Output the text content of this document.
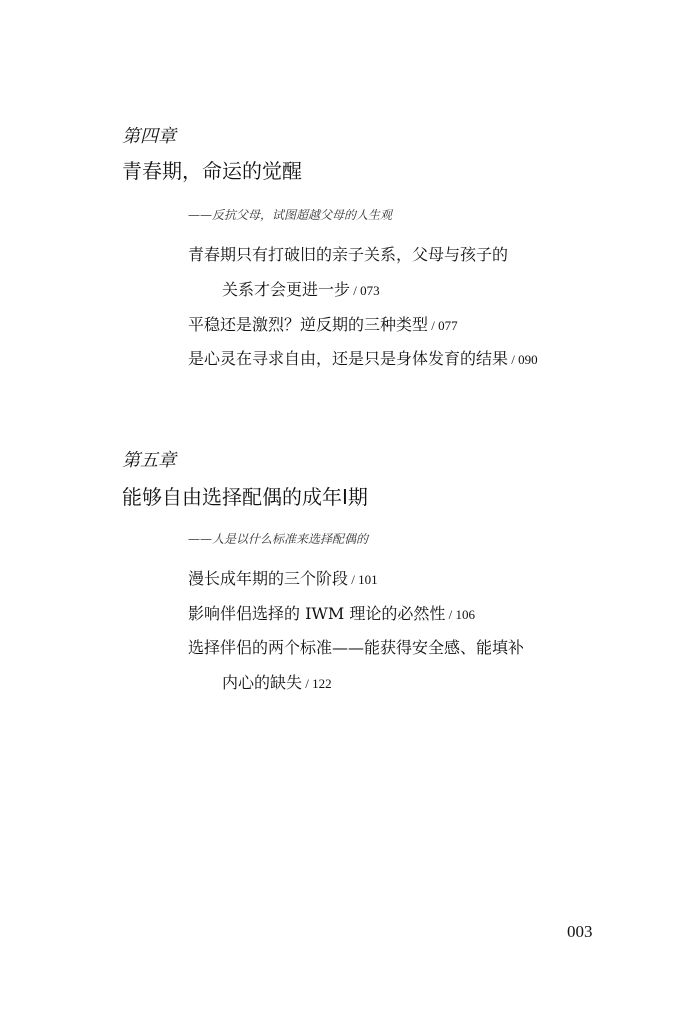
第四章
青春期，命运的觉醒
——反抗父母，试图超越父母的人生观
青春期只有打破旧的亲子关系，父母与孩子的
关系才会更进一步 / 073
平稳还是激烈？逆反期的三种类型 / 077
是心灵在寻求自由，还是只是身体发育的结果 / 090
第五章
能够自由选择配偶的成年Ⅰ期
——人是以什么标准来选择配偶的
漫长成年期的三个阶段 / 101
影响伴侣选择的 IWM 理论的必然性 / 106
选择伴侣的两个标准——能获得安全感、能填补
内心的缺失 / 122
003
